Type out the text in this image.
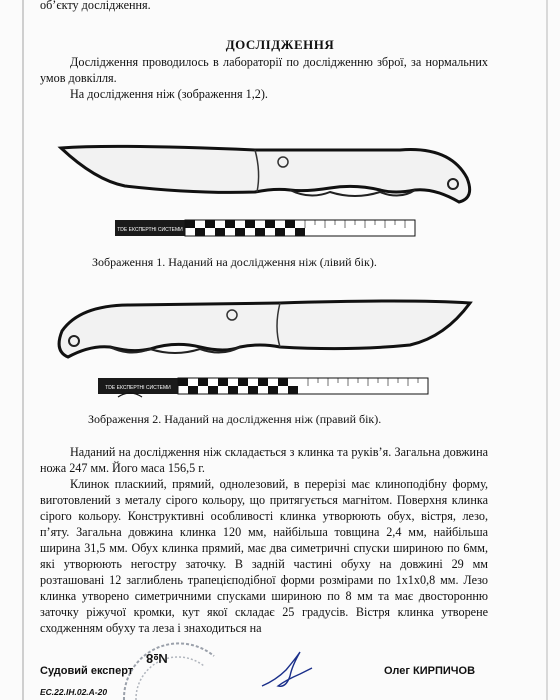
об’єкту дослідження.
ДОСЛІДЖЕННЯ
Дослідження проводилось в лабораторії по дослідженню зброї, за нормальних умов довкілля.
На дослідження ніж (зображення 1,2).
TDE ЕКСПЕРТНІ СИСТЕМИ
Зображення 1. Наданий на дослідження ніж (лівий бік).
TDE ЕКСПЕРТНІ СИСТЕМИ
Зображення 2. Наданий на дослідження ніж (правий бік).
Наданий на дослідження ніж складається з клинка та руків’я. Загальна довжина ножа 247 мм. Його маса 156,5 г.
Клинок пласкиий, прямий, однолезовий, в перерізі має клиноподібну форму, виготовлений з металу сірого кольору, що притягується магнітом. Поверхня клинка сірого кольору. Конструктивні особливості клинка утворюють обух, вістря, лезо, п’яту. Загальна довжина клинка 120 мм, найбільша товщина 2,4 мм, найбільша ширина 31,5 мм. Обух клинка прямий, має два симетричні спуски шириною по 6мм, які утворюють негостру заточку. В задній частині обуху на довжині 29 мм розташовані 12 заглиблень трапецієподібної форми розмірами по 1x1x0,8 мм. Лезо клинка утворено симетричними спусками шириною по 8 мм та має двосторонню заточку ріжучої кромки, кут якої складає 25 градусів. Вістря клинка утворене сходженням обуху та леза і знаходиться на
№8
Судовий експерт	Олег КИРПИЧОВ
ЕС.22.ІН.02.А-20
